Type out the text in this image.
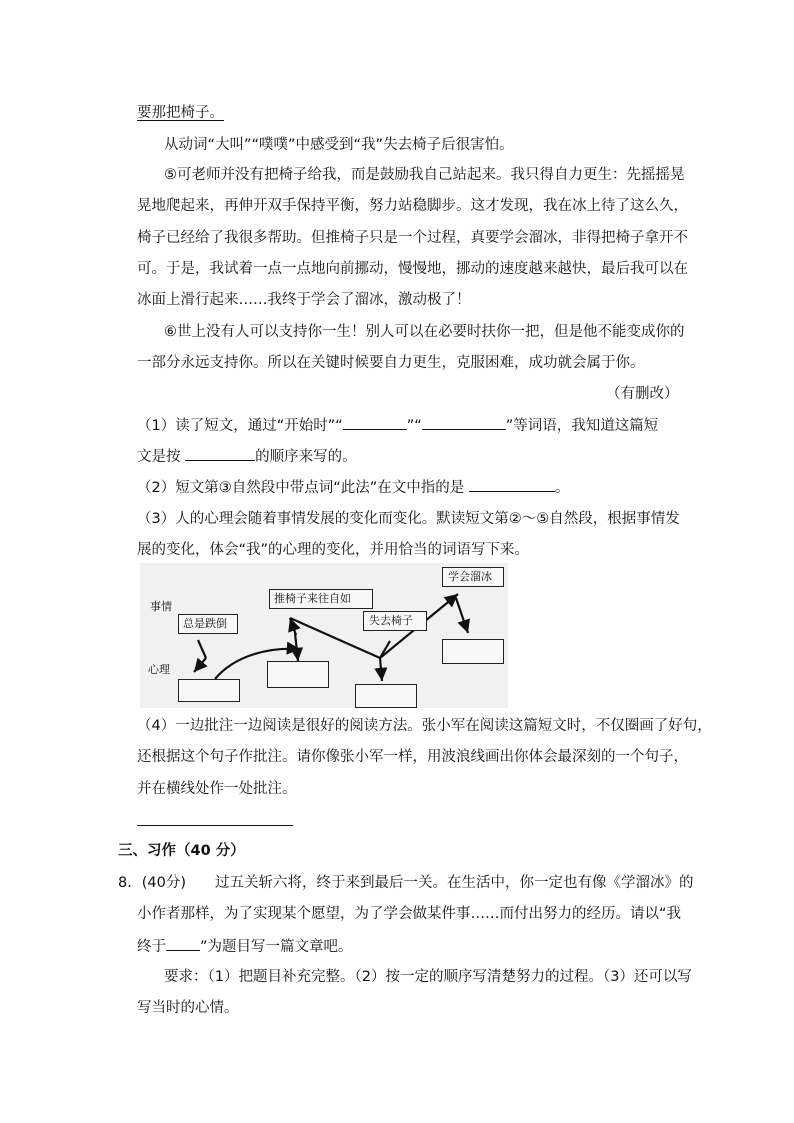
要那把椅子。
从动词“大叫”“噗噗”中感受到“我”失去椅子后很害怕。
⑤可老师并没有把椅子给我，而是鼓励我自己站起来。我只得自力更生：先摇摇晃
晃地爬起来，再伸开双手保持平衡，努力站稳脚步。这才发现，我在冰上待了这么久，
椅子已经给了我很多帮助。但推椅子只是一个过程，真要学会溜冰，非得把椅子拿开不
可。于是，我试着一点一点地向前挪动，慢慢地，挪动的速度越来越快，最后我可以在
冰面上滑行起来……我终于学会了溜冰，激动极了！
⑥世上没有人可以支持你一生！别人可以在必要时扶你一把，但是他不能变成你的
一部分永远支持你。所以在关键时候要自力更生，克服困难，成功就会属于你。
（有删改）
（1）读了短文，通过“开始时”“	”“	”等词语，我知道这篇短
文是按	的顺序来写的。
（2）短文第③自然段中带点词“此法”在文中指的是	。
（3）人的心理会随着事情发展的变化而变化。默读短文第②～⑤自然段，根据事情发
展的变化，体会“我”的心理的变化，并用恰当的词语写下来。
事情
心理
总是跌倒
推椅子来往自如
失去椅子
学会溜冰
（4）一边批注一边阅读是很好的阅读方法。张小军在阅读这篇短文时，不仅圈画了好句，
还根据这个句子作批注。请你像张小军一样，用波浪线画出你体会最深刻的一个句子，
并在横线处作一处批注。
三、习作（40 分）
8．(40分)　　过五关斩六将，终于来到最后一关。在生活中，你一定也有像《学溜冰》的
小作者那样，为了实现某个愿望，为了学会做某件事……而付出努力的经历。请以“我
终于 ”为题目写一篇文章吧。
要求：（1）把题目补充完整。（2）按一定的顺序写清楚努力的过程。（3）还可以写
写当时的心情。
